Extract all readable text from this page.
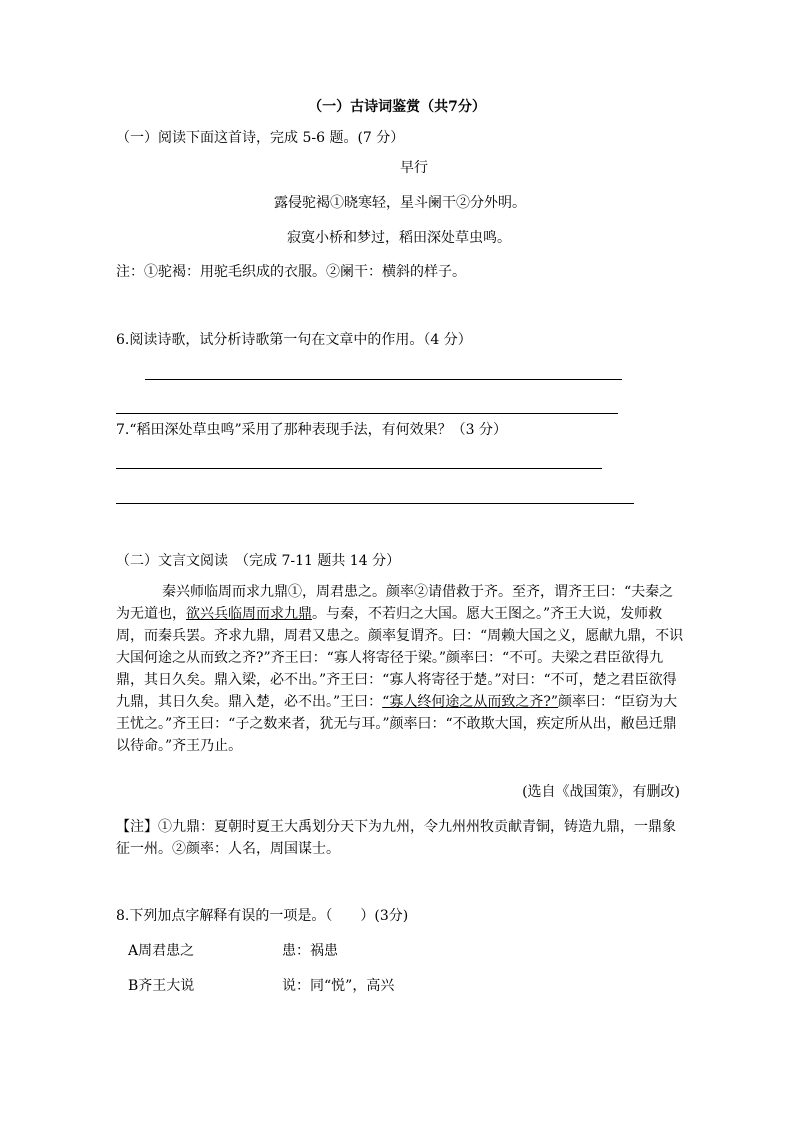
（一）古诗词鉴赏（共7分）
（一）阅读下面这首诗，完成 5-6 题。(7 分）
早行
露侵驼褐①晓寒轻，星斗阑干②分外明。
寂寞小桥和梦过，稻田深处草虫鸣。
注：①驼褐：用驼毛织成的衣服。②阑干：横斜的样子。
6.阅读诗歌，试分析诗歌第一句在文章中的作用。（4 分）
7.“稻田深处草虫鸣”采用了那种表现手法，有何效果？（3 分）
（二）文言文阅读　（完成 7-11 题共 14 分）

秦兴师临周而求九鼎①，周君患之。颜率②请借救于齐。至齐，谓齐王曰：“夫秦之为无道也，欲兴兵临周而求九鼎。与秦，不若归之大国。愿大王图之。”齐王大说，发师救周，而秦兵罢。齐求九鼎，周君又患之。颜率复谓齐。曰：“周赖大国之义，愿献九鼎，不识大国何途之从而致之齐?”齐王曰：“寡人将寄径于梁。”颜率曰：“不可。夫梁之君臣欲得九鼎，其日久矣。鼎入梁，必不出。”齐王曰：“寡人将寄径于楚。”对曰：“不可，楚之君臣欲得九鼎，其日久矣。鼎入楚，必不出。”王曰：“寡人终何途之从而致之齐?”颜率曰：“臣窃为大王忧之。”齐王曰：“子之数来者，犹无与耳。”颜率曰：“不敢欺大国，疾定所从出，敝邑迁鼎以待命。”齐王乃止。

(选自《战国策》，有删改)
【注】①九鼎：夏朝时夏王大禹划分天下为九州，令九州州牧贡献青铜，铸造九鼎，一鼎象征一州。②颜率：人名，周国谋士。
8.下列加点字解释有误的一项是。（　　）(3分)
A周君患之	患：祸患
B齐王大说	说：同“悦”，高兴
